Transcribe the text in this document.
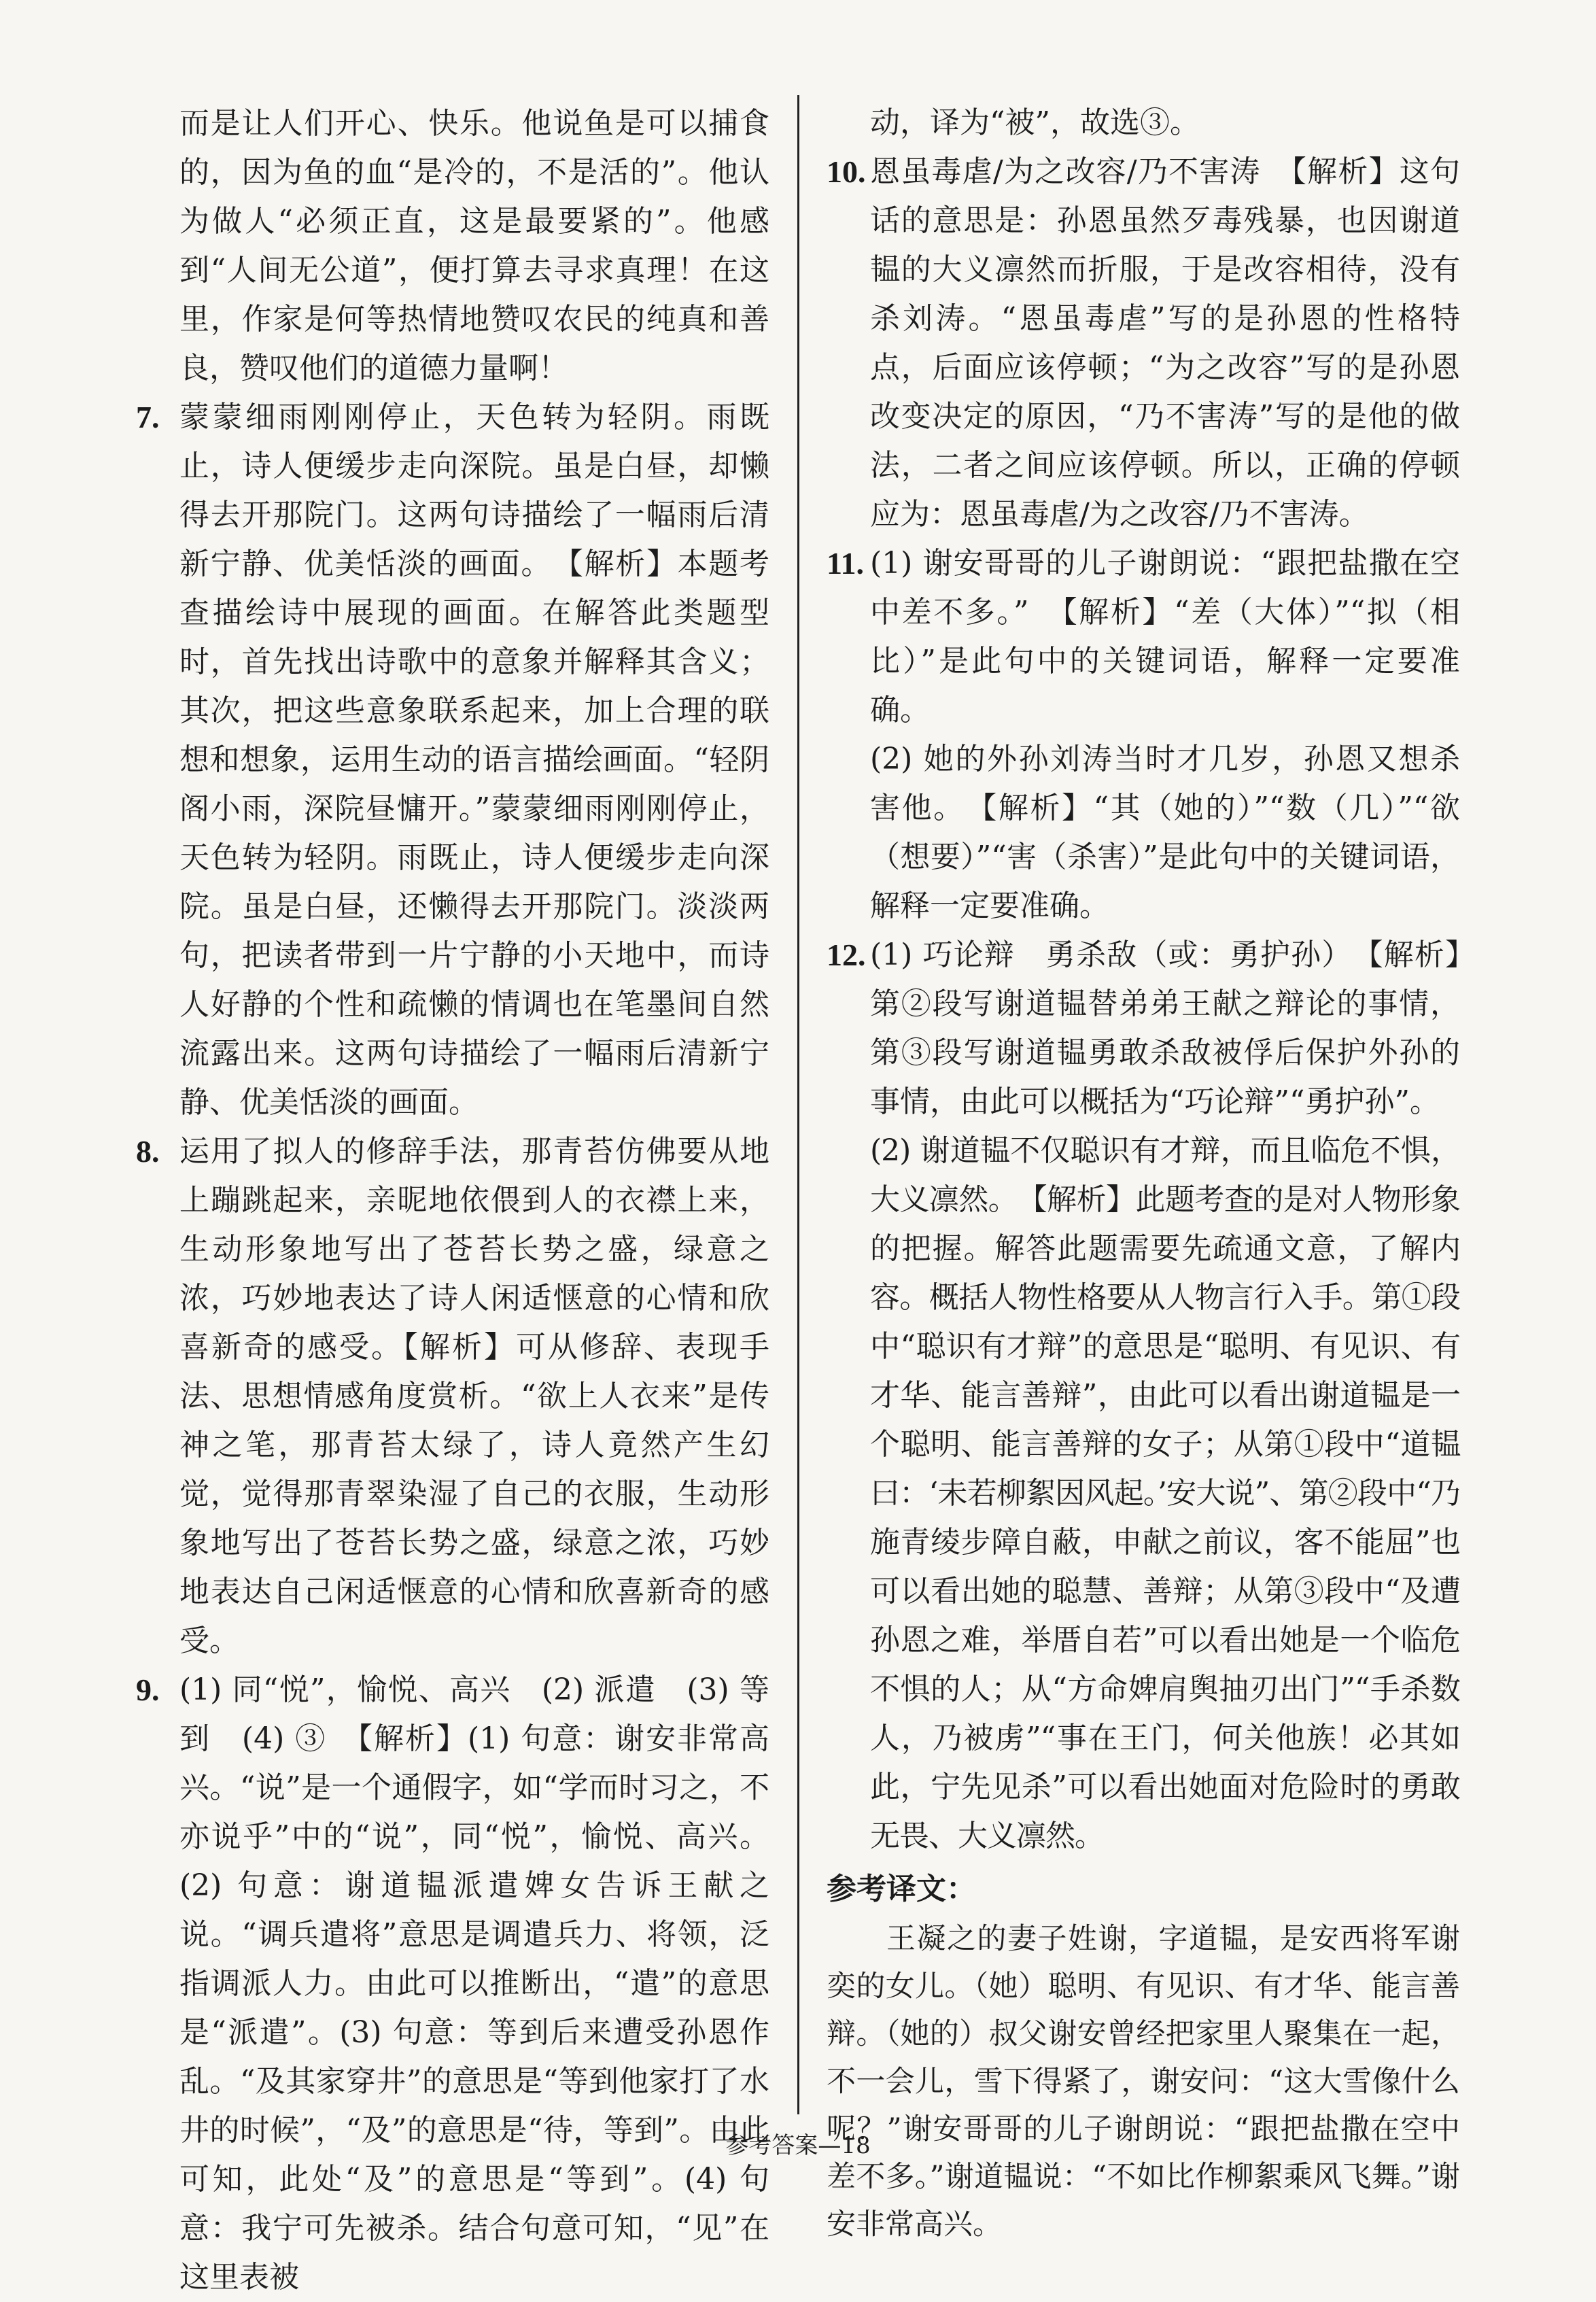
而是让人们开心、快乐。他说鱼是可以捕食的，因为鱼的血“是冷的，不是活的”。他认为做人“必须正直，这是最要紧的”。他感到“人间无公道”，便打算去寻求真理！在这里，作家是何等热情地赞叹农民的纯真和善良，赞叹他们的道德力量啊！

7. 蒙蒙细雨刚刚停止，天色转为轻阴。雨既止，诗人便缓步走向深院。虽是白昼，却懒得去开那院门。这两句诗描绘了一幅雨后清新宁静、优美恬淡的画面。　【解析】本题考查描绘诗中展现的画面。在解答此类题型时，首先找出诗歌中的意象并解释其含义；其次，把这些意象联系起来，加上合理的联想和想象，运用生动的语言描绘画面。“轻阴阁小雨，深院昼慵开。”蒙蒙细雨刚刚停止，天色转为轻阴。雨既止，诗人便缓步走向深院。虽是白昼，还懒得去开那院门。淡淡两句，把读者带到一片宁静的小天地中，而诗人好静的个性和疏懒的情调也在笔墨间自然流露出来。这两句诗描绘了一幅雨后清新宁静、优美恬淡的画面。
8. 运用了拟人的修辞手法，那青苔仿佛要从地上蹦跳起来，亲昵地依偎到人的衣襟上来，生动形象地写出了苍苔长势之盛，绿意之浓，巧妙地表达了诗人闲适惬意的心情和欣喜新奇的感受。【解析】可从修辞、表现手法、思想情感角度赏析。“欲上人衣来”是传神之笔，那青苔太绿了，诗人竟然产生幻觉，觉得那青翠染湿了自己的衣服，生动形象地写出了苍苔长势之盛，绿意之浓，巧妙地表达自己闲适惬意的心情和欣喜新奇的感受。
9. (1) 同“悦”，愉悦、高兴　(2) 派遣　(3) 等到　(4) ③　【解析】(1) 句意：谢安非常高兴。“说”是一个通假字，如“学而时习之，不亦说乎”中的“说”，同“悦”，愉悦、高兴。(2) 句意：谢道韫派遣婢女告诉王献之说。“调兵遣将”意思是调遣兵力、将领，泛指调派人力。由此可以推断出，“遣”的意思是“派遣”。(3) 句意：等到后来遭受孙恩作乱。“及其家穿井”的意思是“等到他家打了水井的时候”，“及”的意思是“待，等到”。由此可知，此处“及”的意思是“等到”。(4) 句意：我宁可先被杀。结合句意可知，“见”在这里表被

动，译为“被”，故选③。

10. 恩虽毒虐/为之改容/乃不害涛　【解析】这句话的意思是：孙恩虽然歹毒残暴，也因谢道韫的大义凛然而折服，于是改容相待，没有杀刘涛。“恩虽毒虐”写的是孙恩的性格特点，后面应该停顿；“为之改容”写的是孙恩改变决定的原因，“乃不害涛”写的是他的做法，二者之间应该停顿。所以，正确的停顿应为：恩虽毒虐/为之改容/乃不害涛。
11. (1) 谢安哥哥的儿子谢朗说：“跟把盐撒在空中差不多。”　【解析】“差（大体）”“拟（相比）”是此句中的关键词语，解释一定要准确。

(2) 她的外孙刘涛当时才几岁，孙恩又想杀害他。　【解析】“其（她的）”“数（几）”“欲（想要）”“害（杀害）”是此句中的关键词语，解释一定要准确。

12. (1) 巧论辩　勇杀敌（或：勇护孙）　【解析】第②段写谢道韫替弟弟王献之辩论的事情，第③段写谢道韫勇敢杀敌被俘后保护外孙的事情，由此可以概括为“巧论辩”“勇护孙”。

(2) 谢道韫不仅聪识有才辩，而且临危不惧，大义凛然。　【解析】此题考查的是对人物形象的把握。解答此题需要先疏通文意，了解内容。概括人物性格要从人物言行入手。第①段中“聪识有才辩”的意思是“聪明、有见识、有才华、能言善辩”，由此可以看出谢道韫是一个聪明、能言善辩的女子；从第①段中“道韫曰：‘未若柳絮因风起。’安大说”、第②段中“乃施青绫步障自蔽，申献之前议，客不能屈”也可以看出她的聪慧、善辩；从第③段中“及遭孙恩之难，举厝自若”可以看出她是一个临危不惧的人；从“方命婢肩舆抽刃出门”“手杀数人，乃被虏”“事在王门，何关他族！必其如此，宁先见杀”可以看出她面对危险时的勇敢无畏、大义凛然。

参考译文：

王凝之的妻子姓谢，字道韫，是安西将军谢奕的女儿。（她）聪明、有见识、有才华、能言善辩。（她的）叔父谢安曾经把家里人聚集在一起，不一会儿，雪下得紧了，谢安问：“这大雪像什么呢？”谢安哥哥的儿子谢朗说：“跟把盐撒在空中差不多。”谢道韫说：“不如比作柳絮乘风飞舞。”谢安非常高兴。

参考答案—18
